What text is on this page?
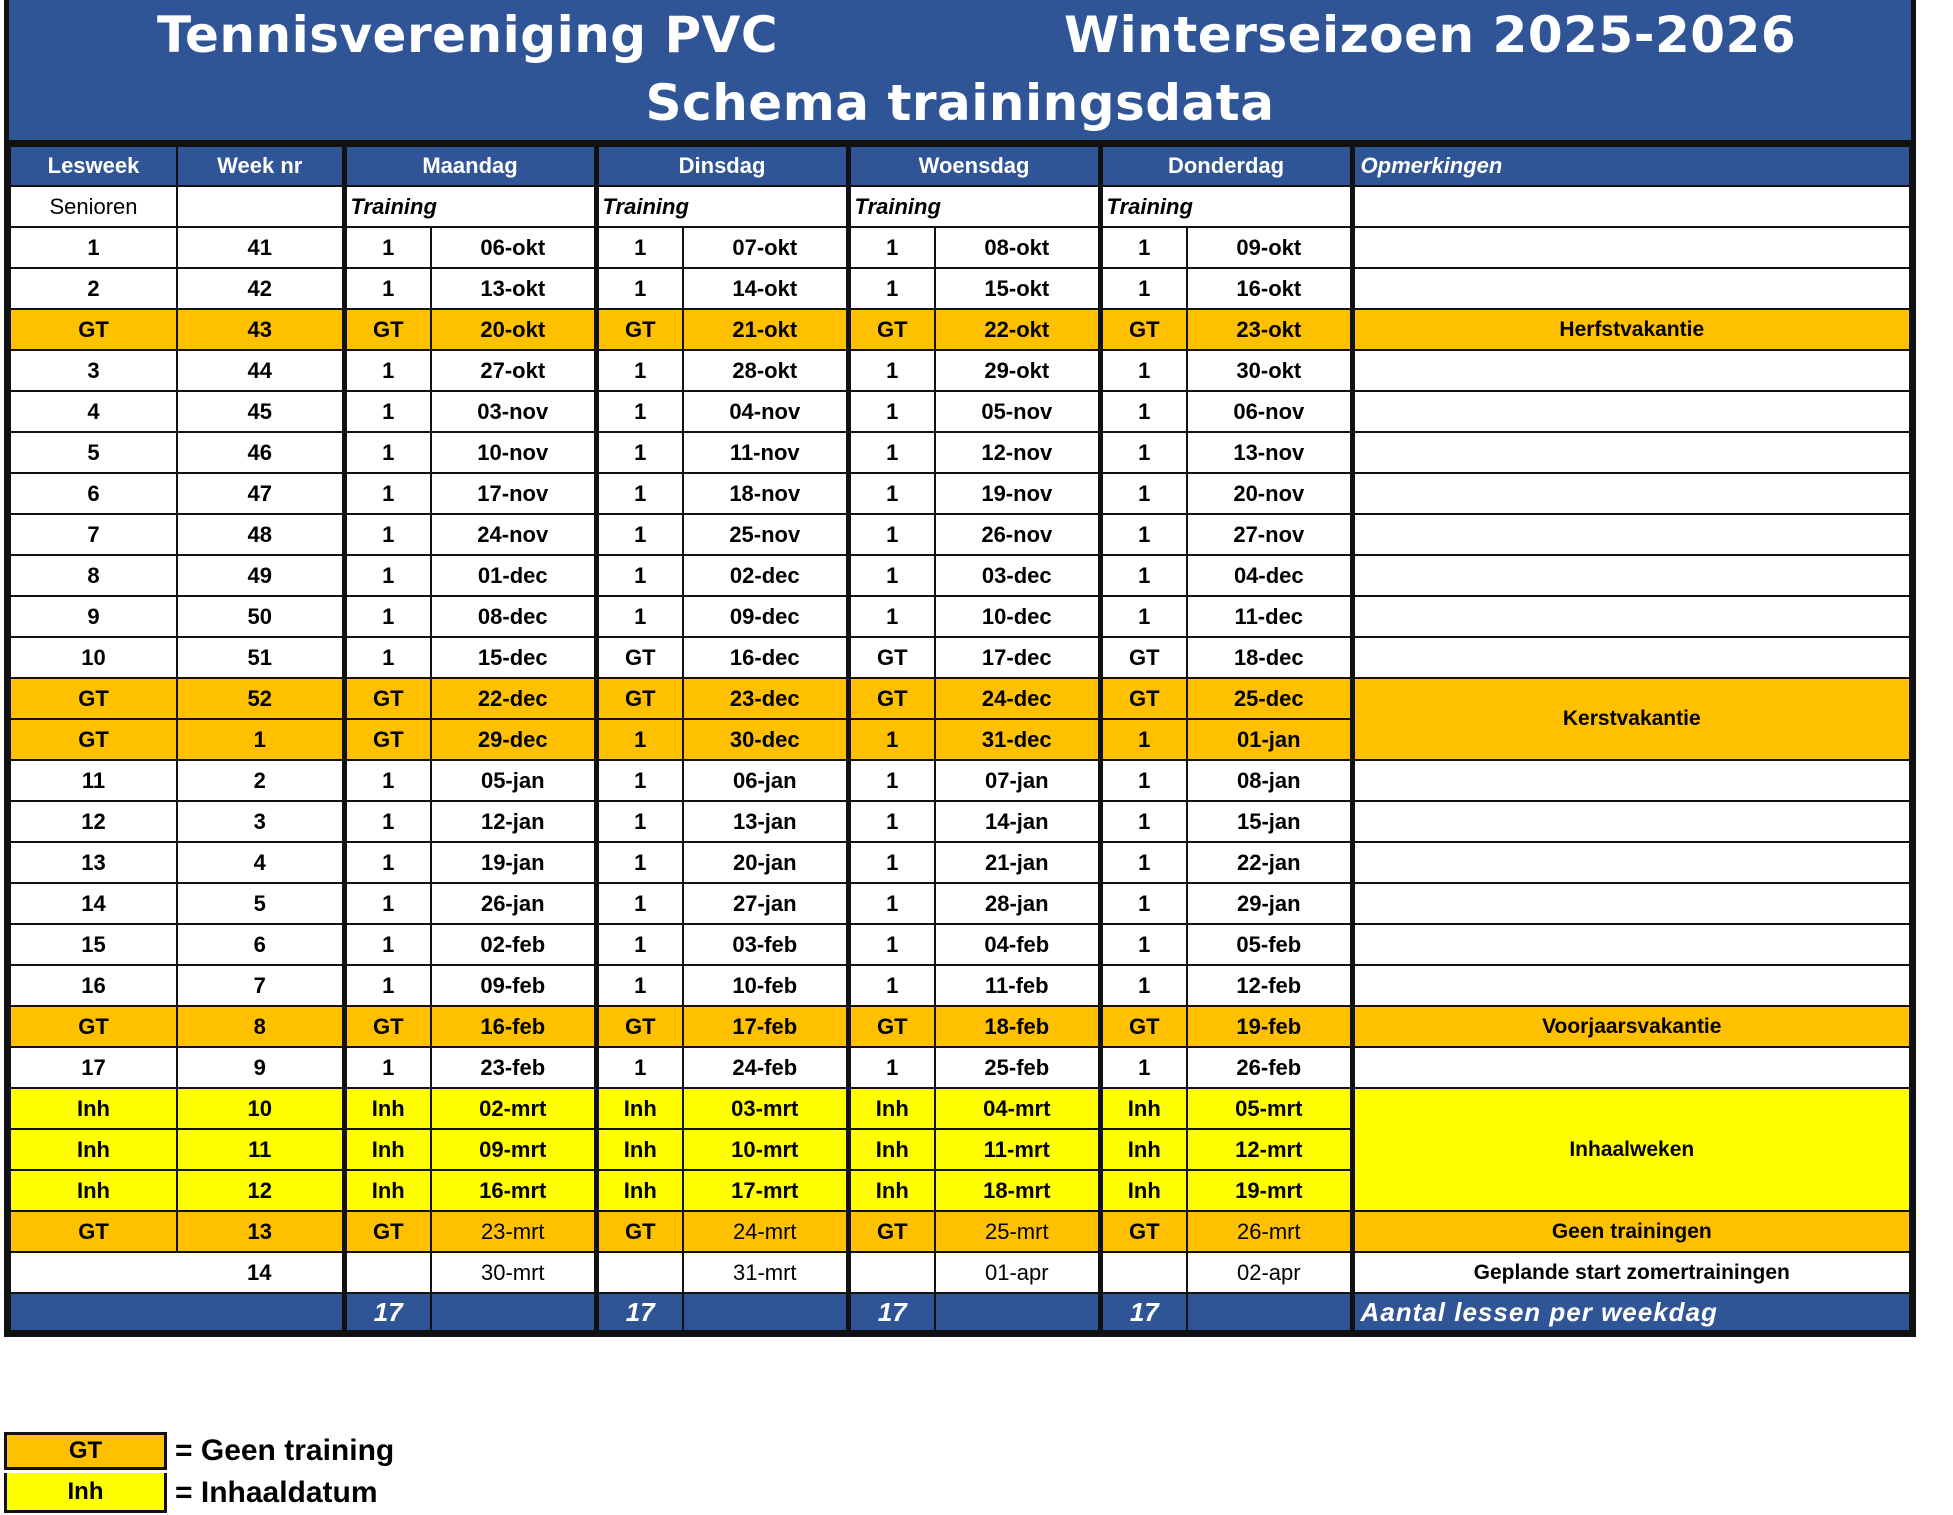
Tennisvereniging PVC	Winterseizoen 2025-2026
Schema trainingsdata
Lesweek	Week nr	Maandag		Dinsdag		Woensdag		Donderdag		Opmerkingen
Senioren		Training		Training		Training		Training		
1	41	1	06-okt	1	07-okt	1	08-okt	1	09-okt	
2	42	1	13-okt	1	14-okt	1	15-okt	1	16-okt	
GT	43	GT	20-okt	GT	21-okt	GT	22-okt	GT	23-okt	Herfstvakantie
3	44	1	27-okt	1	28-okt	1	29-okt	1	30-okt	
4	45	1	03-nov	1	04-nov	1	05-nov	1	06-nov	
5	46	1	10-nov	1	11-nov	1	12-nov	1	13-nov	
6	47	1	17-nov	1	18-nov	1	19-nov	1	20-nov	
7	48	1	24-nov	1	25-nov	1	26-nov	1	27-nov	
8	49	1	01-dec	1	02-dec	1	03-dec	1	04-dec	
9	50	1	08-dec	1	09-dec	1	10-dec	1	11-dec	
10	51	1	15-dec	GT	16-dec	GT	17-dec	GT	18-dec	
GT	52	GT	22-dec	GT	23-dec	GT	24-dec	GT	25-dec	Kerstvakantie
GT	1	GT	29-dec	1	30-dec	1	31-dec	1	01-jan	
11	2	1	05-jan	1	06-jan	1	07-jan	1	08-jan	
12	3	1	12-jan	1	13-jan	1	14-jan	1	15-jan	
13	4	1	19-jan	1	20-jan	1	21-jan	1	22-jan	
14	5	1	26-jan	1	27-jan	1	28-jan	1	29-jan	
15	6	1	02-feb	1	03-feb	1	04-feb	1	05-feb	
16	7	1	09-feb	1	10-feb	1	11-feb	1	12-feb	
GT	8	GT	16-feb	GT	17-feb	GT	18-feb	GT	19-feb	Voorjaarsvakantie
17	9	1	23-feb	1	24-feb	1	25-feb	1	26-feb	
Inh	10	Inh	02-mrt	Inh	03-mrt	Inh	04-mrt	Inh	05-mrt	Inhaalweken
Inh	11	Inh	09-mrt	Inh	10-mrt	Inh	11-mrt	Inh	12-mrt	
Inh	12	Inh	16-mrt	Inh	17-mrt	Inh	18-mrt	Inh	19-mrt	
GT	13	GT	23-mrt	GT	24-mrt	GT	25-mrt	GT	26-mrt	Geen trainingen
	14		30-mrt		31-mrt		01-apr		02-apr	Geplande start zomertrainingen
		17		17		17		17		Aantal lessen per weekdag
GT	= Geen training
Inh	= Inhaaldatum
